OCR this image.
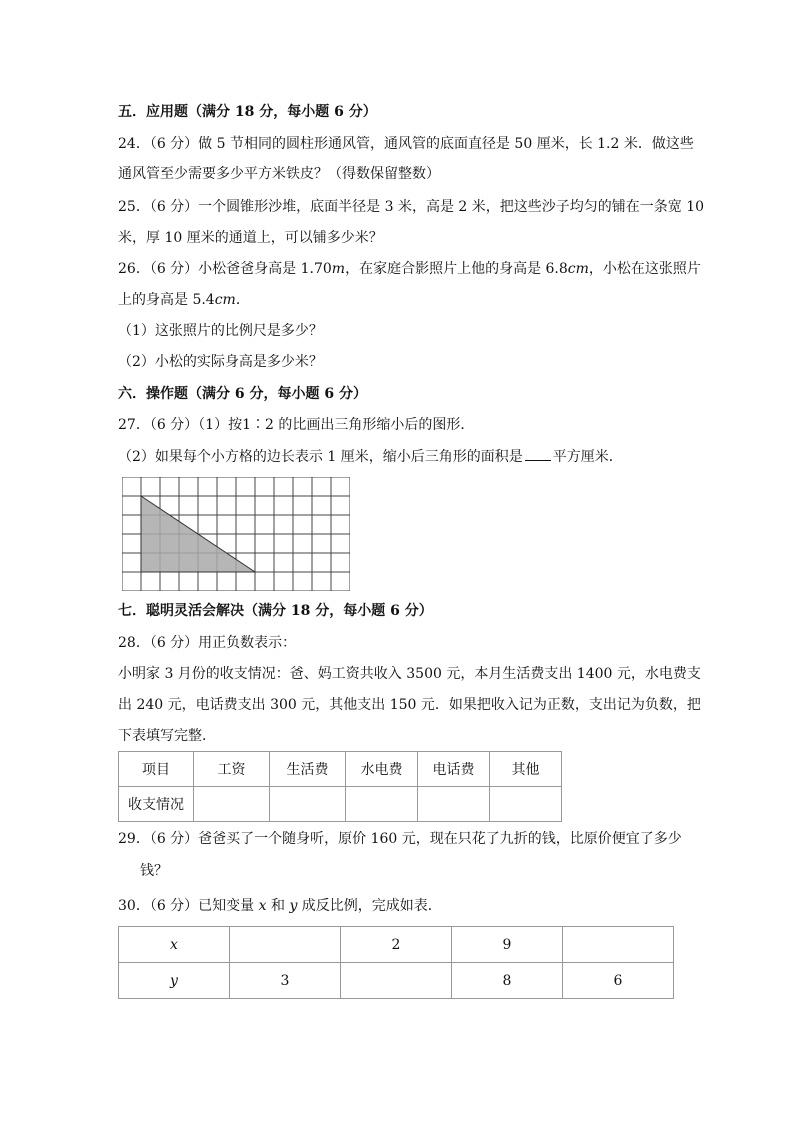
五．应用题（满分 18 分，每小题 6 分）
24．（6 分）做 5 节相同的圆柱形通风管，通风管的底面直径是 50 厘米，长 1.2 米．做这些
通风管至少需要多少平方米铁皮？（得数保留整数）
25．（6 分）一个圆锥形沙堆，底面半径是 3 米，高是 2 米，把这些沙子均匀的铺在一条宽 10
米，厚 10 厘米的通道上，可以铺多少米？
26．（6 分）小松爸爸身高是 1.70m，在家庭合影照片上他的身高是 6.8cm，小松在这张照片
上的身高是 5.4cm．
（1）这张照片的比例尺是多少？
（2）小松的实际身高是多少米？
六．操作题（满分 6 分，每小题 6 分）
27．（6 分）（1）按1∶2 的比画出三角形缩小后的图形．
（2）如果每个小方格的边长表示 1 厘米，缩小后三角形的面积是 平方厘米．
七．聪明灵活会解决（满分 18 分，每小题 6 分）
28．（6 分）用正负数表示：
小明家 3 月份的收支情况：爸、妈工资共收入 3500 元，本月生活费支出 1400 元，水电费支
出 240 元，电话费支出 300 元，其他支出 150 元．如果把收入记为正数，支出记为负数，把
下表填写完整．
项目	工资	生活费	水电费	电话费	其他
收支情况					
29．（6 分）爸爸买了一个随身听，原价 160 元，现在只花了九折的钱，比原价便宜了多少
钱？
30．（6 分）已知变量 x 和 y 成反比例，完成如表．
x		2	9	
y	3		8	6
